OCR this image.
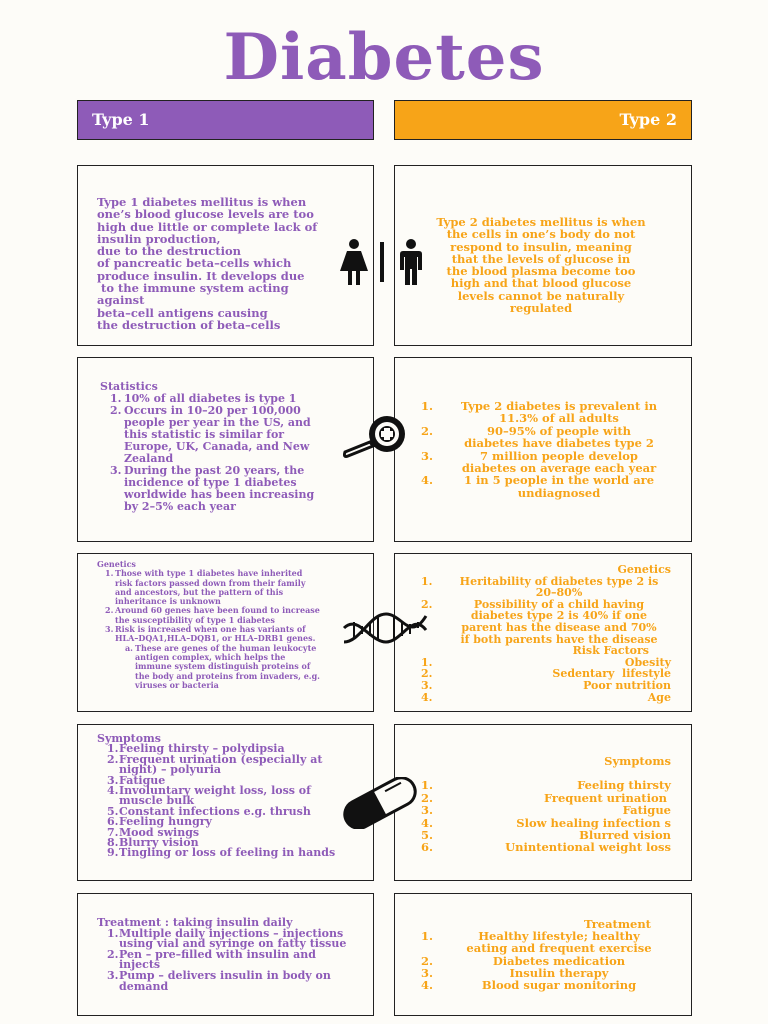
Diabetes
Type 1	Type 2
Type 1 diabetes mellitus is when
one’s blood glucose levels are too
high due little or complete lack of
insulin production,
due to the destruction
of pancreatic beta–cells which
produce insulin. It develops due
to the immune system acting
against
beta–cell antigens causing
the destruction of beta–cells
Type 2 diabetes mellitus is when
the cells in one’s body do not
respond to insulin, meaning
that the levels of glucose in
the blood plasma become too
high and that blood glucose
levels cannot be naturally
regulated
Statistics
1. 10% of all diabetes is type 1
2. Occurs in 10–20 per 100,000
people per year in the US, and
this statistic is similar for
Europe, UK, Canada, and New
Zealand
3. During the past 20 years, the
incidence of type 1 diabetes
worldwide has been increasing
by 2–5% each year
1.	Type 2 diabetes is prevalent in
11.3% of all adults
2.	90–95% of people with
diabetes have diabetes type 2
3.	7 million people develop
diabetes on average each year
4.	1 in 5 people in the world are
undiagnosed
Genetics
1. Those with type 1 diabetes have inherited
risk factors passed down from their family
and ancestors, but the pattern of this
inheritance is unknown
2. Around 60 genes have been found to increase
the susceptibility of type 1 diabetes
3. Risk is increased when one has variants of
HLA–DQA1,HLA–DQB1, or HLA–DRB1 genes.
a. These are genes of the human leukocyte
antigen complex, which helps the
immune system distinguish proteins of
the body and proteins from invaders, e.g.
viruses or bacteria
Genetics
1.	Heritability of diabetes type 2 is
20–80%
2.	Possibility of a child having
diabetes type 2 is 40% if one
parent has the disease and 70%
if both parents have the disease
Risk Factors
1.	Obesity
2.	Sedentary  lifestyle
3.	Poor nutrition
4.	Age
Symptoms
1. Feeling thirsty – polydipsia
2. Frequent urination (especially at
night) – polyuria
3. Fatigue
4. Involuntary weight loss, loss of
muscle bulk
5. Constant infections e.g. thrush
6. Feeling hungry
7. Mood swings
8. Blurry vision
9. Tingling or loss of feeling in hands
Symptoms
1.	Feeling thirsty
2.	Frequent urination
3.	Fatigue
4.	Slow healing infection s
5.	Blurred vision
6.	Unintentional weight loss
Treatment : taking insulin daily
1. Multiple daily injections – injections
using vial and syringe on fatty tissue
2. Pen – pre–filled with insulin and
injects
3. Pump – delivers insulin in body on
demand
Treatment
1.	Healthy lifestyle; healthy
eating and frequent exercise
2.	Diabetes medication
3.	Insulin therapy
4.	Blood sugar monitoring
